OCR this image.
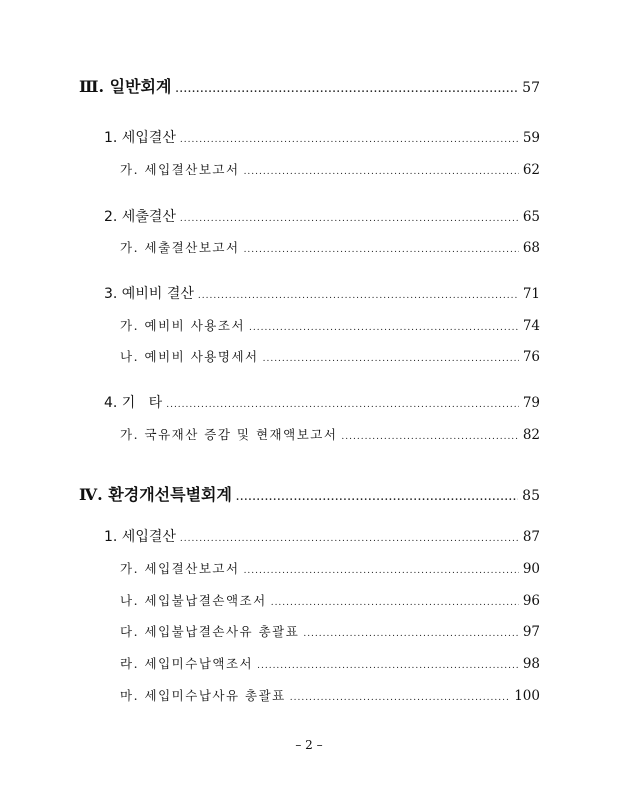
Ⅲ. 일반회계 .....	57
1. 세입결산 .....	59
가. 세입결산보고서 .....	62
2. 세출결산 .....	65
가. 세출결산보고서 .....	68
3. 예비비 결산 .....	71
가. 예비비 사용조서 .....	74
나. 예비비 사용명세서 .....	76
4. 기   타 .....	79
가. 국유재산 증감 및 현재액보고서 .....	82
Ⅳ. 환경개선특별회계 .....	85
1. 세입결산 .....	87
가. 세입결산보고서 .....	90
나. 세입불납결손액조서 .....	96
다. 세입불납결손사유 총괄표 .....	97
라. 세입미수납액조서 .....	98
마. 세입미수납사유 총괄표 .....	100
– 2 –
